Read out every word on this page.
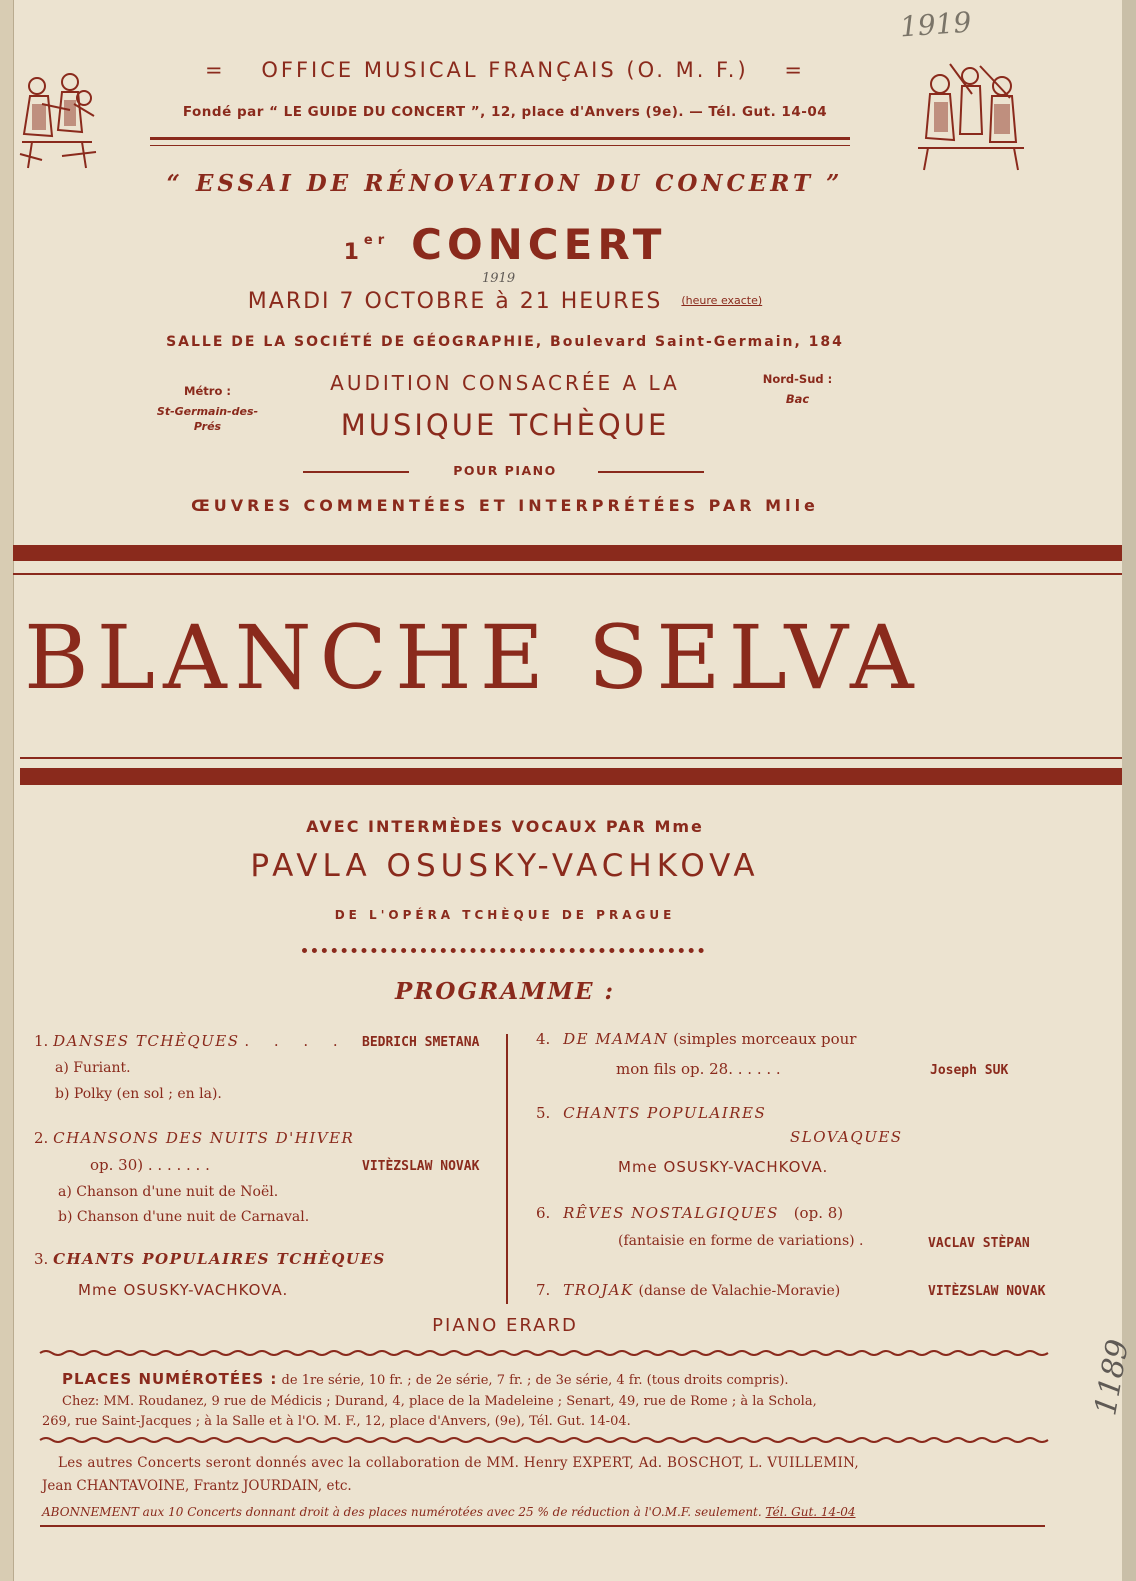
1919
= OFFICE MUSICAL FRANÇAIS (O. M. F.) =
Fondé par “ LE GUIDE DU CONCERT ”, 12, place d'Anvers (9e). — Tél. Gut. 14-04
“ ESSAI DE RÉNOVATION DU CONCERT ”
1er CONCERT
1919
MARDI 7 OCTOBRE à 21 HEURES (heure exacte)
SALLE DE LA SOCIÉTÉ DE GÉOGRAPHIE, Boulevard Saint-Germain, 184
Métro :
St-Germain-des-Prés
Nord-Sud :
Bac
AUDITION CONSACRÉE A LA
MUSIQUE TCHÈQUE
POUR PIANO
ŒUVRES COMMENTÉES ET INTERPRÉTÉES PAR Mlle
BLANCHE SELVA
AVEC INTERMÈDES VOCAUX PAR Mme
PAVLA OSUSKY-VACHKOVA
DE L'OPÉRA TCHÈQUE DE PRAGUE
PROGRAMME :
1. DANSES TCHÈQUES . . . . BEDRICH SMETANA
a) Furiant.
b) Polky (en sol ; en la).
2. CHANSONS DES NUITS D'HIVER
op. 30) . . . . . . .	VITÈZSLAW NOVAK
a) Chanson d'une nuit de Noël.
b) Chanson d'une nuit de Carnaval.
3. CHANTS POPULAIRES TCHÈQUES
Mme OSUSKY-VACHKOVA.
4. DE MAMAN (simples morceaux pour
mon fils op. 28. . . . . .	Joseph SUK
5. CHANTS POPULAIRES
SLOVAQUES
Mme OSUSKY-VACHKOVA.
6. RÊVES NOSTALGIQUES (op. 8)
(fantaisie en forme de variations) .	VACLAV STÈPAN
7. TROJAK (danse de Valachie-Moravie)	VITÈZSLAW NOVAK
PIANO ERARD
PLACES NUMÉROTÉES : de 1re série, 10 fr. ; de 2e série, 7 fr. ; de 3e série, 4 fr. (tous droits compris).
Chez: MM. Roudanez, 9 rue de Médicis ; Durand, 4, place de la Madeleine ; Senart, 49, rue de Rome ; à la Schola,
269, rue Saint-Jacques ; à la Salle et à l'O. M. F., 12, place d'Anvers, (9e), Tél. Gut. 14-04.
Les autres Concerts seront donnés avec la collaboration de MM. Henry EXPERT, Ad. BOSCHOT, L. VUILLEMIN,
Jean CHANTAVOINE, Frantz JOURDAIN, etc.
ABONNEMENT aux 10 Concerts donnant droit à des places numérotées avec 25 % de réduction à l'O.M.F. seulement. Tél. Gut. 14-04
1189
